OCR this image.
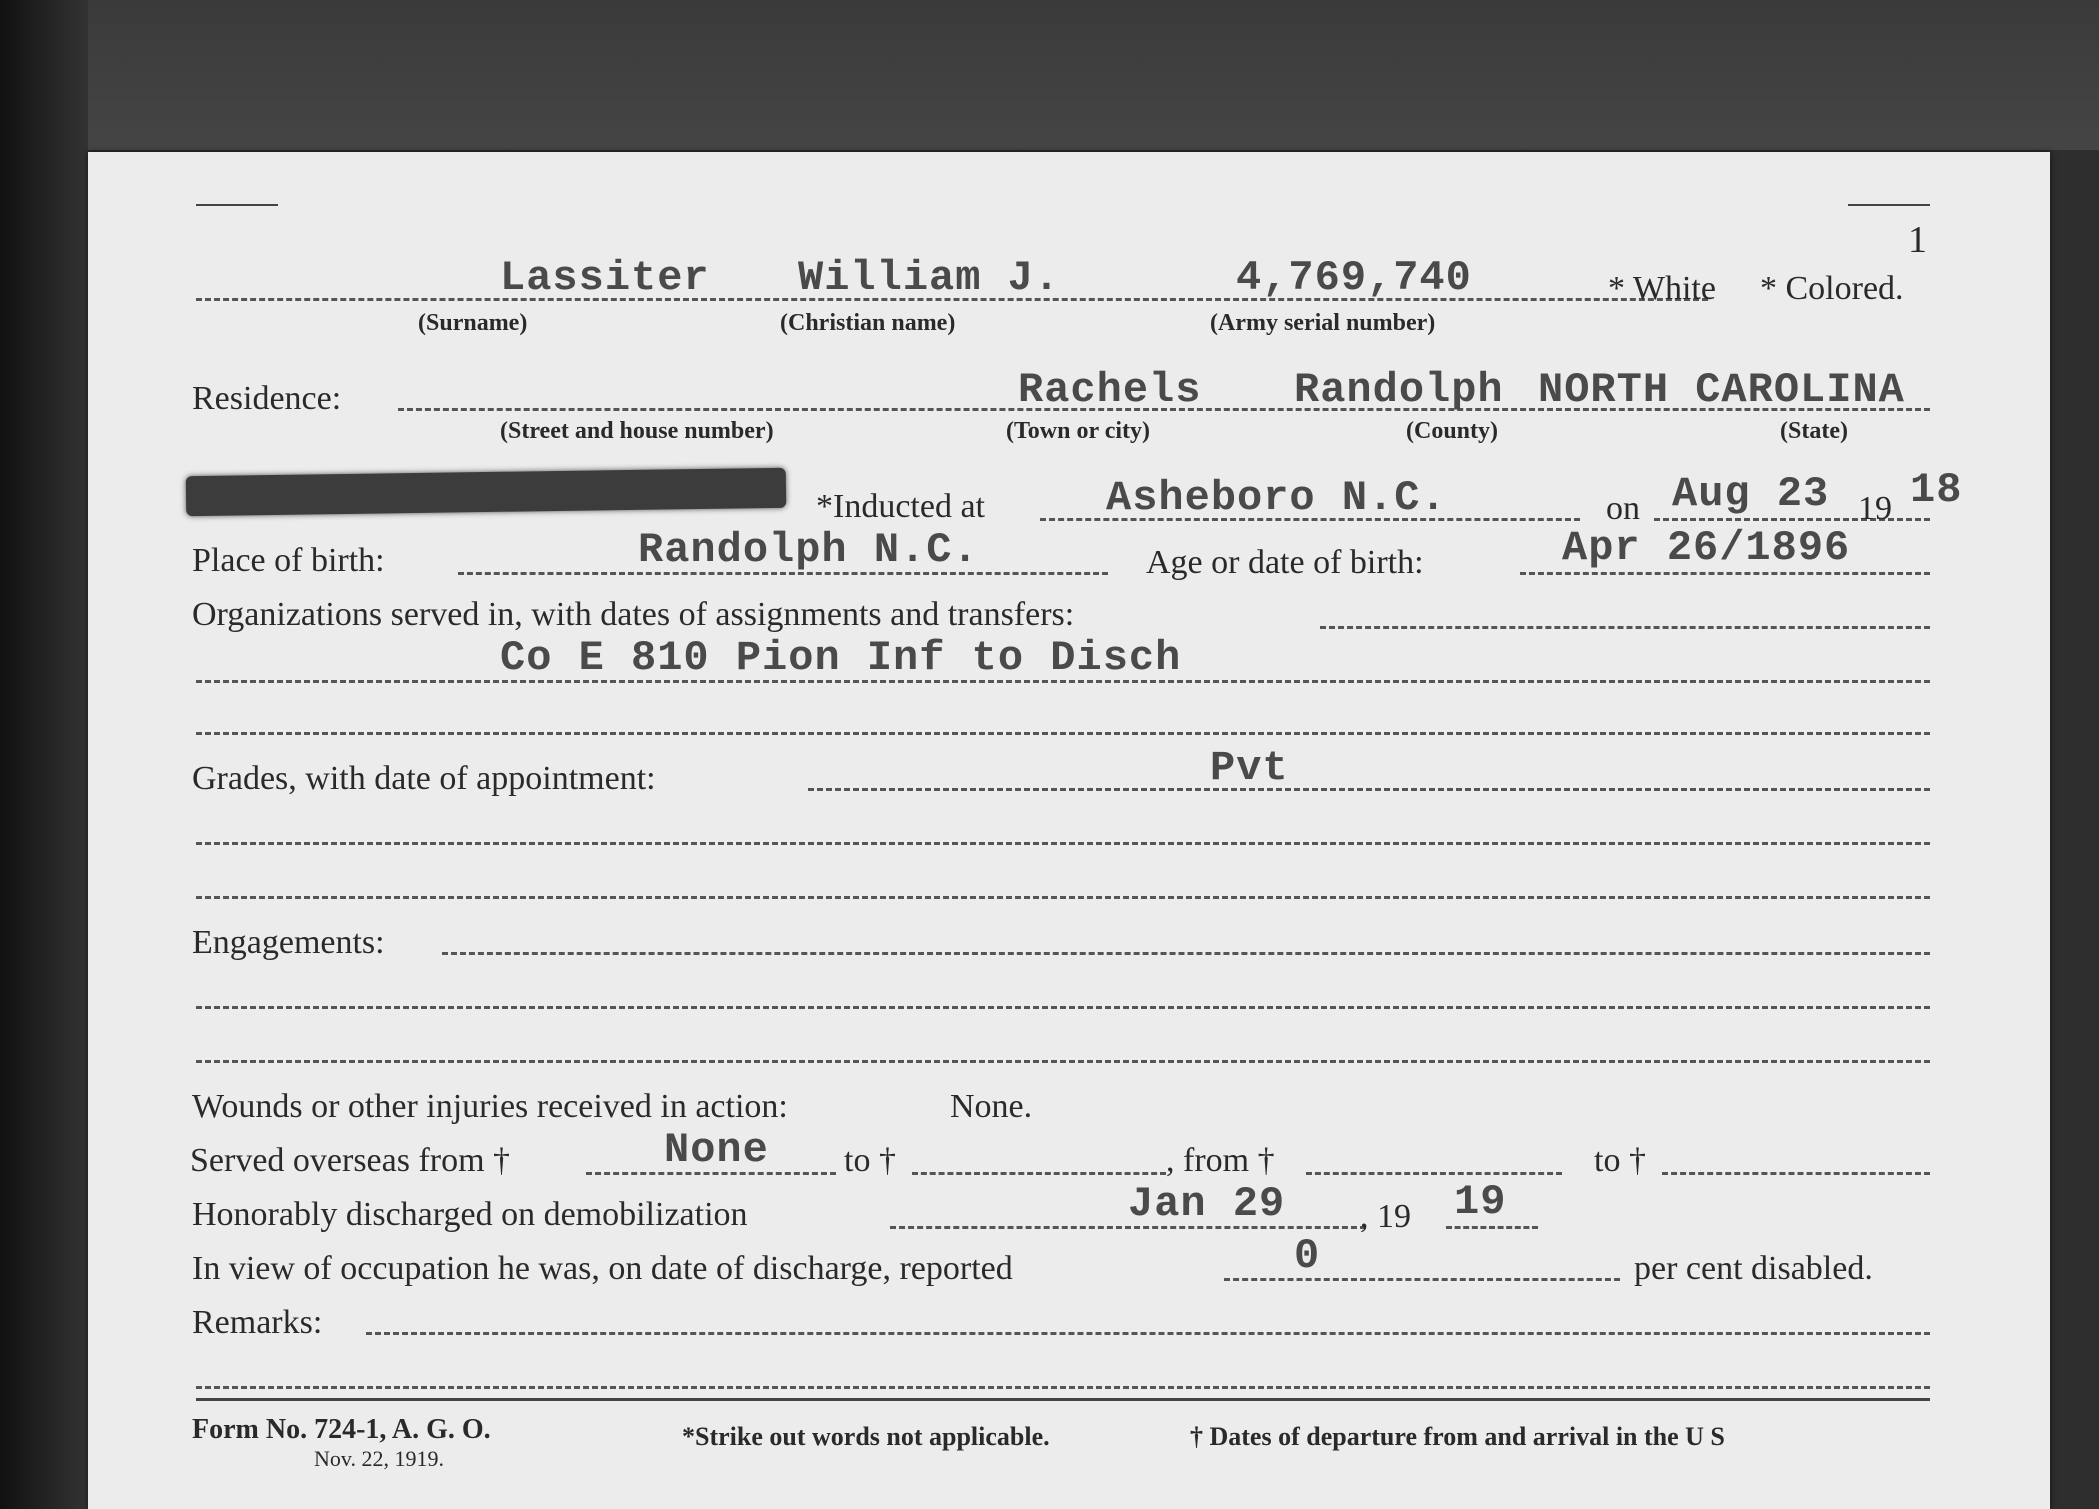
1
Lassiter William J.	4,769,740	* White * Colored.
(Surname)	(Christian name)	(Army serial number)
Residence:	Rachels Randolph NORTH CAROLINA
(Street and house number)	(Town or city)	(County)	(State)
*Inducted at	Asheboro N.C.	on Aug 23 19 18
Place of birth:	Randolph N.C.	Age or date of birth:	Apr 26/1896
Organizations served in, with dates of assignments and transfers:
Co E 810 Pion Inf to Disch
Grades, with date of appointment:	Pvt
Engagements:
Wounds or other injuries received in action:	None.
Served overseas from †	None to †	, from †	to †
Honorably discharged on demobilization	Jan 29 , 19 19
In view of occupation he was, on date of discharge, reported	0	per cent disabled.
Remarks:
Form No. 724-1, A. G. O.
Nov. 22, 1919.
*Strike out words not applicable.	† Dates of departure from and arrival in the U S
